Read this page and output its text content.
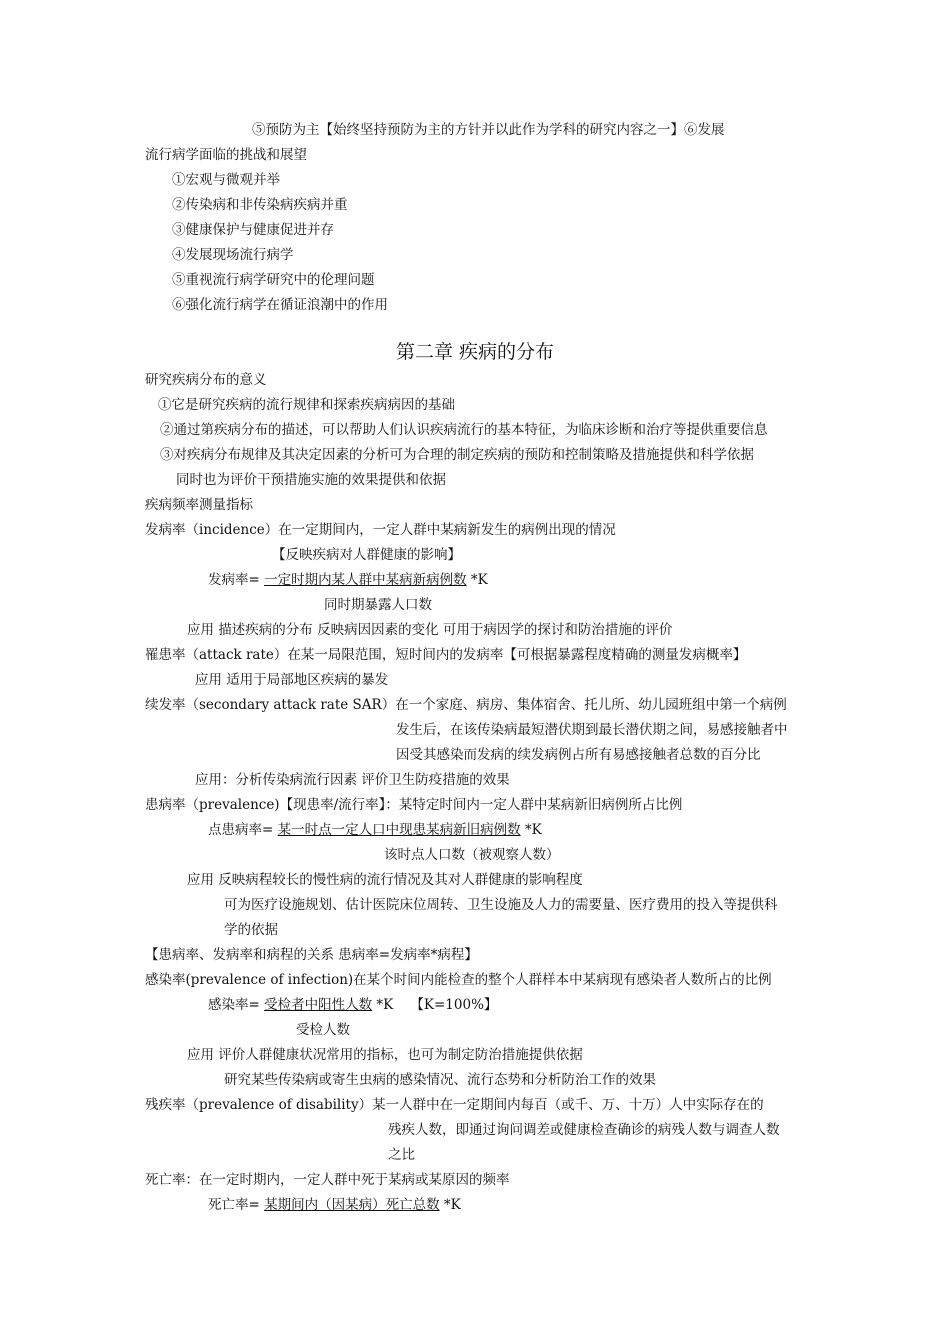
⑤预防为主【始终坚持预防为主的方针并以此作为学科的研究内容之一】⑥发展
流行病学面临的挑战和展望
①宏观与微观并举
②传染病和非传染病疾病并重
③健康保护与健康促进并存
④发展现场流行病学
⑤重视流行病学研究中的伦理问题
⑥强化流行病学在循证浪潮中的作用
第二章 疾病的分布
研究疾病分布的意义
①它是研究疾病的流行规律和探索疾病病因的基础
②通过第疾病分布的描述，可以帮助人们认识疾病流行的基本特征，为临床诊断和治疗等提供重要信息
③对疾病分布规律及其决定因素的分析可为合理的制定疾病的预防和控制策略及措施提供和科学依据
同时也为评价干预措施实施的效果提供和依据
疾病频率测量指标
发病率（incidence）在一定期间内，一定人群中某病新发生的病例出现的情况
【反映疾病对人群健康的影响】
发病率= 一定时期内某人群中某病新病例数 *K
同时期暴露人口数
应用 描述疾病的分布 反映病因因素的变化 可用于病因学的探讨和防治措施的评价
罹患率（attack rate）在某一局限范围，短时间内的发病率【可根据暴露程度精确的测量发病概率】
应用 适用于局部地区疾病的暴发
续发率（secondary attack rate SAR）在一个家庭、病房、集体宿舍、托儿所、幼儿园班组中第一个病例
发生后，在该传染病最短潜伏期到最长潜伏期之间，易感接触者中
因受其感染而发病的续发病例占所有易感接触者总数的百分比
应用：分析传染病流行因素 评价卫生防疫措施的效果
患病率（prevalence)【现患率/流行率】：某特定时间内一定人群中某病新旧病例所占比例
点患病率= 某一时点一定人口中现患某病新旧病例数 *K
该时点人口数（被观察人数）
应用 反映病程较长的慢性病的流行情况及其对人群健康的影响程度
可为医疗设施规划、估计医院床位周转、卫生设施及人力的需要量、医疗费用的投入等提供科
学的依据
【患病率、发病率和病程的关系 患病率=发病率*病程】
感染率(prevalence of infection)在某个时间内能检查的整个人群样本中某病现有感染者人数所占的比例
感染率= 受检者中阳性人数 *K    【K=100%】
受检人数
应用 评价人群健康状况常用的指标，也可为制定防治措施提供依据
研究某些传染病或寄生虫病的感染情况、流行态势和分析防治工作的效果
残疾率（prevalence of disability）某一人群中在一定期间内每百（或千、万、十万）人中实际存在的
残疾人数，即通过询问调差或健康检查确诊的病残人数与调查人数
之比
死亡率：在一定时期内，一定人群中死于某病或某原因的频率
死亡率= 某期间内（因某病）死亡总数 *K
